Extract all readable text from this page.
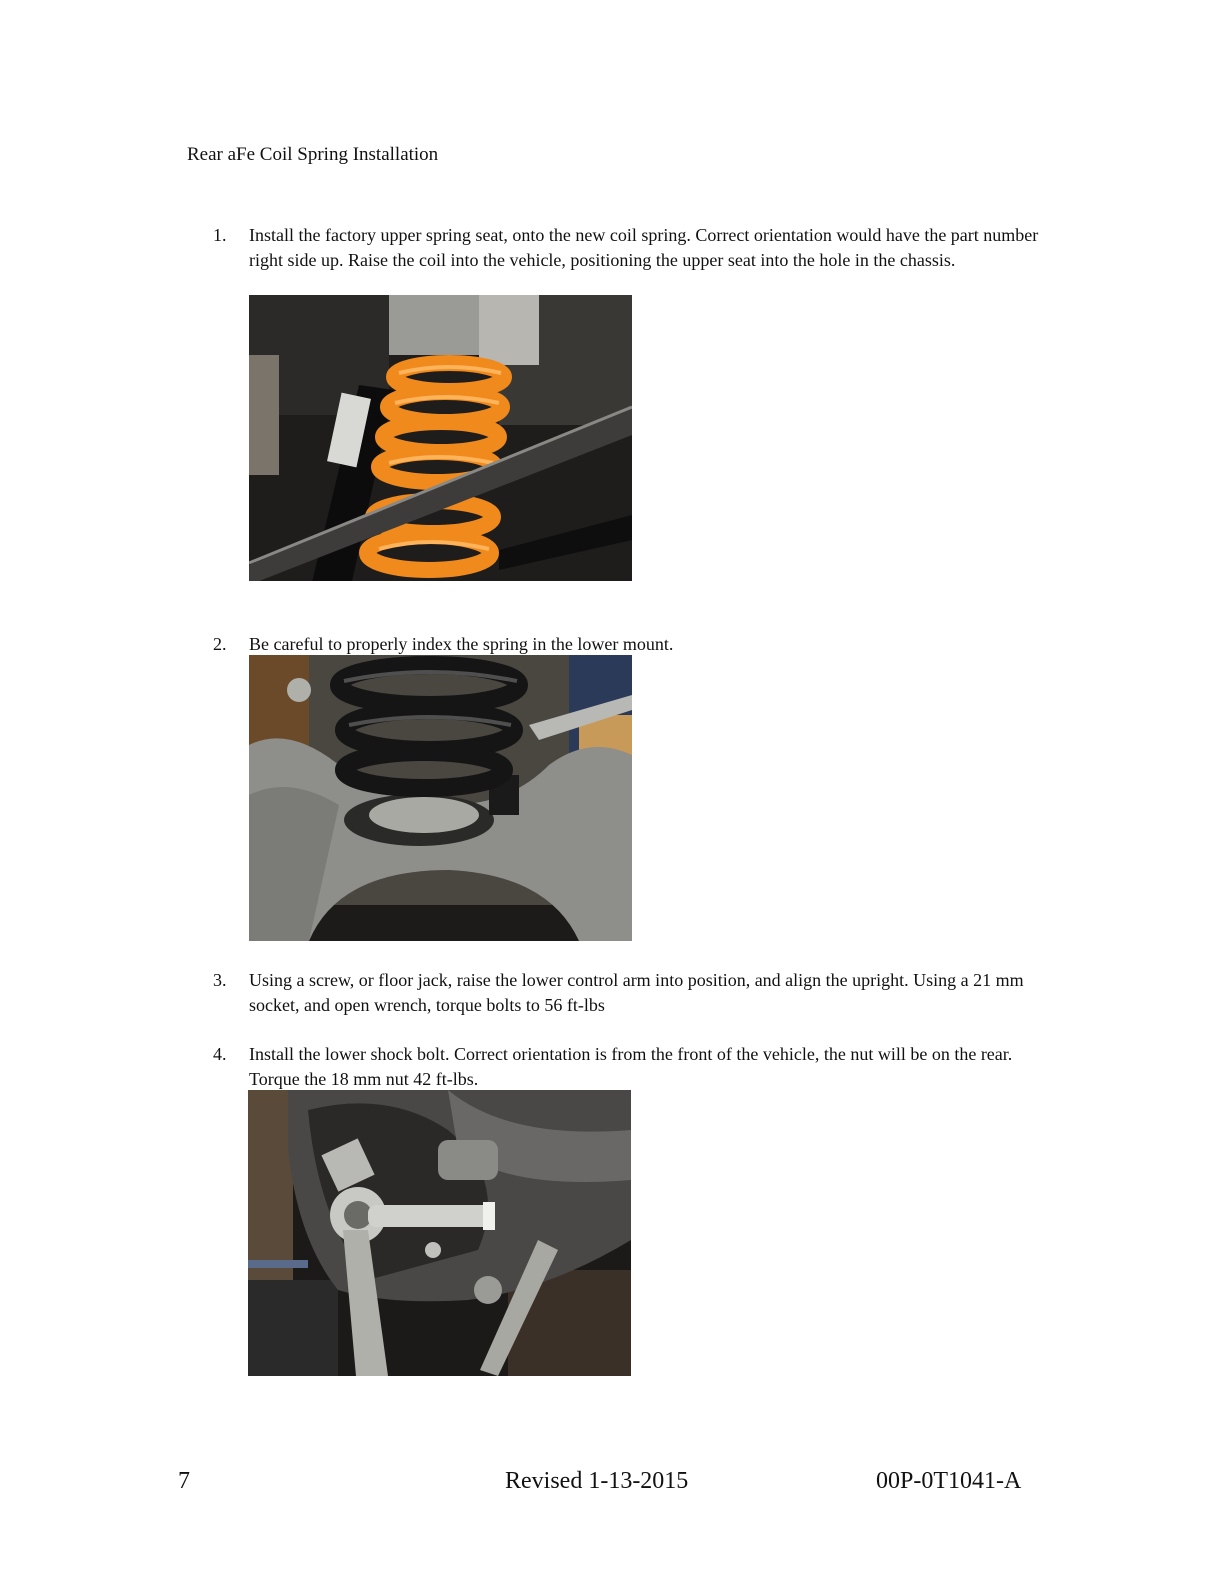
Rear aFe Coil Spring Installation
1. Install the factory upper spring seat, onto the new coil spring. Correct orientation would have the part number right side up. Raise the coil into the vehicle, positioning the upper seat into the hole in the chassis.
2. Be careful to properly index the spring in the lower mount.
3. Using a screw, or floor jack, raise the lower control arm into position, and align the upright. Using a 21 mm socket, and open wrench, torque bolts to 56 ft-lbs
4. Install the lower shock bolt. Correct orientation is from the front of the vehicle, the nut will be on the rear. Torque the 18 mm nut 42 ft-lbs.
7	Revised 1-13-2015	00P-0T1041-A
